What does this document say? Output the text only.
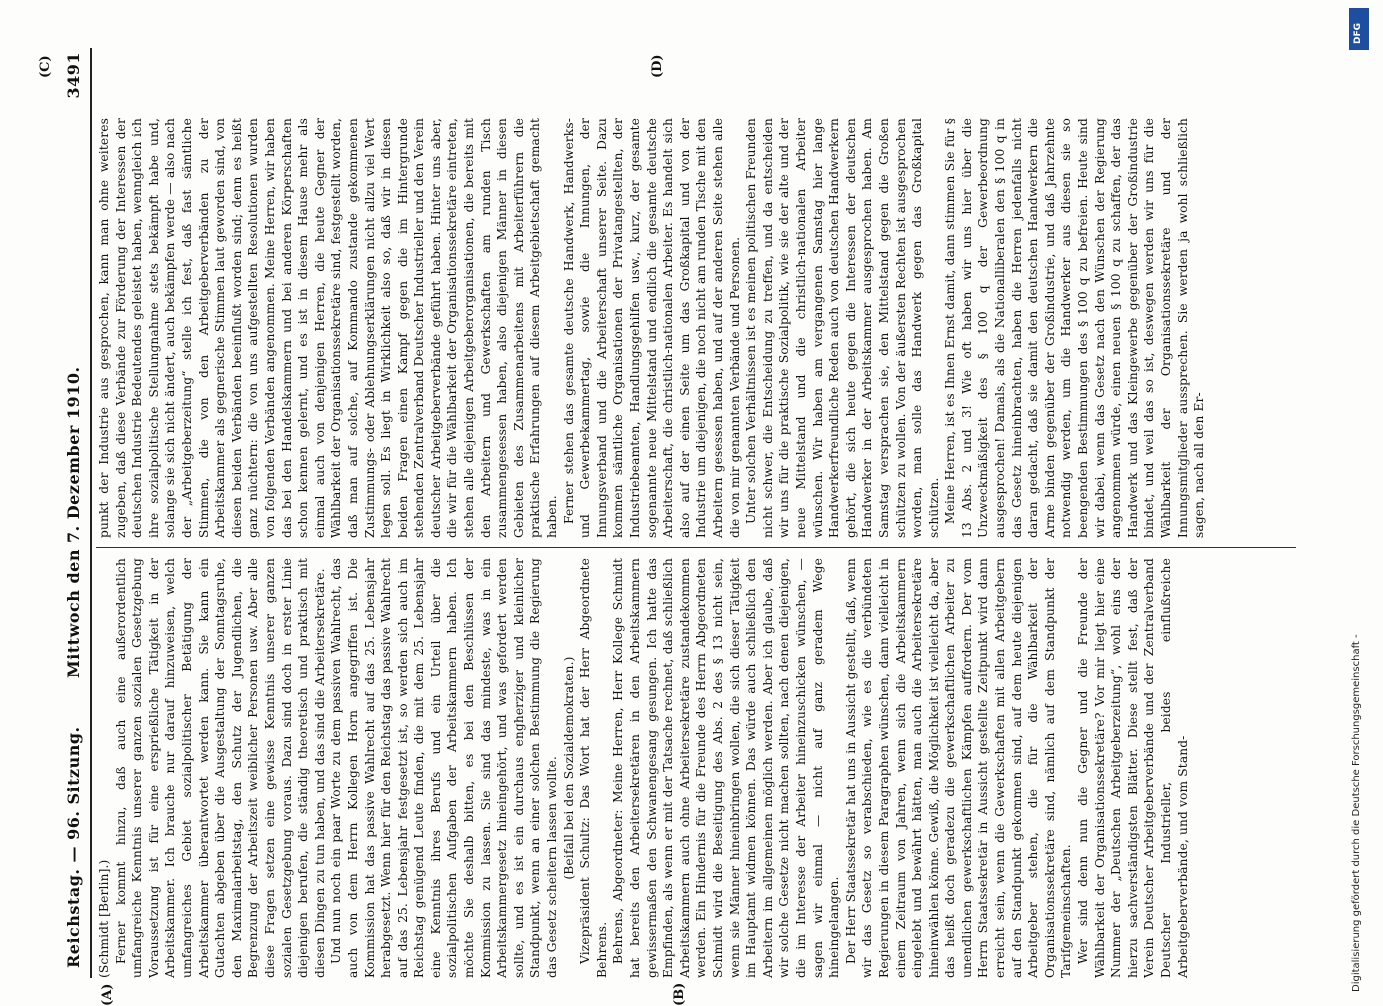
Reichstag. — 96. Sitzung.
Mittwoch den 7. Dezember 1910.
3491
(A)	(B)
(C)	(D)

(Schmidt [Berlin].) Ferner kommt hinzu, daß auch eine außerordentlich umfangreiche Kenntnis unserer ganzen sozialen Gesetzgebung Voraussetzung ist für eine ersprießliche Tätigkeit in der Arbeitskammer. Ich brauche nur darauf hinzuweisen, welch umfangreiches Gebiet sozialpolitischer Betätigung der Arbeitskammer überantwortet werden kann. Sie kann ein Gutachten abgeben über die Ausgestaltung der Sonntagsruhe, den Maximalarbeitstag, den Schutz der Jugendlichen, die Begrenzung der Arbeitszeit weiblicher Personen usw. Aber alle diese Fragen setzen eine gewisse Kenntnis unserer ganzen sozialen Gesetzgebung voraus. Dazu sind doch in erster Linie diejenigen berufen, die ständig theoretisch und praktisch mit diesen Dingen zu tun haben, und das sind die Arbeitersekretäre. Und nun noch ein paar Worte zu dem passiven Wahlrecht, das auch von dem Herrn Kollegen Horn angegriffen ist. Die Kommission hat das passive Wahlrecht auf das 25. Lebensjahr herabgesetzt. Wenn hier für den Reichstag das passive Wahlrecht auf das 25. Lebensjahr festgesetzt ist, so werden sich auch im Reichstag genügend Leute finden, die mit dem 25. Lebensjahr eine Kenntnis ihres Berufs und ein Urteil über die sozialpolitischen Aufgaben der Arbeitskammern haben. Ich möchte Sie deshalb bitten, es bei den Beschlüssen der Kommission zu lassen. Sie sind das mindeste, was in ein Arbeitskammergesetz hineingehört, und was gefordert werden sollte, und es ist ein durchaus engherziger und kleinlicher Standpunkt, wenn an einer solchen Bestimmung die Regierung das Gesetz scheitern lassen wollte. (Beifall bei den Sozialdemokraten.) Vizepräsident Schultz: Das Wort hat der Herr Abgeordnete Behrens. Behrens, Abgeordneter: Meine Herren, Herr Kollege Schmidt hat bereits den Arbeitersekretären in den Arbeitskammern gewissermaßen den Schwanengesang gesungen. Ich hatte das Empfinden, als wenn er mit der Tatsache rechnet, daß schließlich Arbeitskammern auch ohne Arbeitersekretäre zustandekommen werden. Ein Hindernis für die Freunde des Herrn Abgeordneten Schmidt wird die Beseitigung des Abs. 2 des § 13 nicht sein, wenn sie Männer hineinbringen wollen, die sich dieser Tätigkeit im Hauptamt widmen können. Das würde auch schließlich den Arbeitern im allgemeinen möglich werden. Aber ich glaube, daß wir solche Gesetze nicht machen sollten, nach denen diejenigen, die im Interesse der Arbeiter hineinzuschicken wünschen, — sagen wir einmal — nicht auf ganz geradem Wege hineingelangen. Der Herr Staatssekretär hat uns in Aussicht gestellt, daß, wenn wir das Gesetz so verabschieden, wie es die verbündeten Regierungen in diesem Paragraphen wünschen, dann vielleicht in einem Zeitraum von Jahren, wenn sich die Arbeitskammern eingelebt und bewährt hätten, man auch die Arbeitersekretäre hineinwählen könne. Gewiß, die Möglichkeit ist vielleicht da, aber das heißt doch geradezu die gewerkschaftlichen Arbeiter zu unendlichen gewerkschaftlichen Kämpfen auffordern. Der vom Herrn Staatssekretär in Aussicht gestellte Zeitpunkt wird dann erreicht sein, wenn die Gewerkschaften mit allen Arbeitgebern auf den Standpunkt gekommen sind, auf dem heute diejenigen Arbeitgeber stehen, die für die Wählbarkeit der Organisationssekretäre sind, nämlich auf dem Standpunkt der Tarifgemeinschaften. Wer sind denn nun die Gegner und die Freunde der Wählbarkeit der Organisationssekretäre? Vor mir liegt hier eine Nummer der „Deutschen Arbeitgeberzeitung“, wohl eins der hierzu sachverständigsten Blätter. Diese stellt fest, daß der Verein Deutscher Arbeitgeberverbände und der Zentralverband Deutscher Industrieller, beides einflußreiche Arbeitgeberverbände, und vom Stand-

punkt der Industrie aus gesprochen, kann man ohne weiteres zugeben, daß diese Verbände zur Förderung der Interessen der deutschen Industrie Bedeutendes geleistet haben, wenngleich ich ihre sozialpolitische Stellungnahme stets bekämpft habe und, solange sie sich nicht ändert, auch bekämpfen werde — also nach der „Arbeitgeberzeitung“ stelle ich fest, daß fast sämtliche Stimmen, die von den Arbeitgeberverbänden zu der Arbeitskammer als gegnerische Stimmen laut geworden sind, von diesen beiden Verbänden beeinflußt worden sind; denn es heißt ganz nüchtern: die von uns aufgestellten Resolutionen wurden von folgenden Verbänden angenommen. Meine Herren, wir haben das bei den Handelskammern und bei anderen Körperschaften schon kennen gelernt, und es ist in diesem Hause mehr als einmal auch von denjenigen Herren, die heute Gegner der Wählbarkeit der Organisationssekretäre sind, festgestellt worden, daß man auf solche, auf Kommando zustande gekommenen Zustimmungs- oder Ablehnungserklärungen nicht allzu viel Wert legen soll. Es liegt in Wirklichkeit also so, daß wir in diesen beiden Fragen einen Kampf gegen die im Hintergrunde stehenden Zentralverband Deutscher Industrieller und den Verein deutscher Arbeitgeberverbände geführt haben. Hinter uns aber, die wir für die Wählbarkeit der Organisationssekretäre eintreten, stehen alle diejenigen Arbeitgeberorganisationen, die bereits mit den Arbeitern und Gewerkschaften am runden Tisch zusammengesessen haben, also diejenigen Männer in diesen Gebieten des Zusammenarbeitens mit Arbeiterführern die praktische Erfahrungen auf diesem Arbeitgebietschaft gemacht haben. Ferner stehen das gesamte deutsche Handwerk, Handwerks- und Gewerbekammertag, sowie die Innungen, der Innungsverband und die Arbeiterschaft unserer Seite. Dazu kommen sämtliche Organisationen der Privatangestellten, der Industriebeamten, Handlungsgehilfen usw., kurz, der gesamte sogenannte neue Mittelstand und endlich die gesamte deutsche Arbeiterschaft, die christlich-nationalen Arbeiter. Es handelt sich also auf der einen Seite um das Großkapital und von der Industrie um diejenigen, die noch nicht am runden Tische mit den Arbeitern gesessen haben, und auf der anderen Seite stehen alle die von mir genannten Verbände und Personen. Unter solchen Verhältnissen ist es meinen politischen Freunden nicht schwer, die Entscheidung zu treffen, und da entscheiden wir uns für die praktische Sozialpolitik, wie sie der alte und der neue Mittelstand und die christlich-nationalen Arbeiter wünschen. Wir haben am vergangenen Samstag hier lange Handwerkerfreundliche Reden auch von deutschen Handwerkern gehört, die sich heute gegen die Interessen der deutschen Handwerker in der Arbeitskammer ausgesprochen haben. Am Samstag versprachen sie, den Mittelstand gegen die Großen schützen zu wollen. Von der äußersten Rechten ist ausgesprochen worden, man solle das Handwerk gegen das Großkapital schützen. Meine Herren, ist es Ihnen Ernst damit, dann stimmen Sie für § 13 Abs. 2 und 3! Wie oft haben wir uns hier über die Unzweckmäßigkeit des § 100 q der Gewerbeordnung ausgesprochen! Damals, als die Nationalliberalen den § 100 q in das Gesetz hineinbrachten, haben die Herren jedenfalls nicht daran gedacht, daß sie damit den deutschen Handwerkern die Arme binden gegenüber der Großindustrie, und daß Jahrzehnte notwendig werden, um die Handwerker aus diesen sie so beengenden Bestimmungen des § 100 q zu befreien. Heute sind wir dabei, wenn das Gesetz nach den Wünschen der Regierung angenommen würde, einen neuen § 100 q zu schaffen, der das Handwerk und das Kleingewerbe gegenüber der Großindustrie bindet, und weil das so ist, deswegen werden wir uns für die Wählbarkeit der Organisationssekretäre und der Innungsmitglieder aussprechen. Sie werden ja wohl schließlich sagen, nach all den Er-

DFG
Digitalisierung gefördert durch die Deutsche Forschungsgemeinschaft -
